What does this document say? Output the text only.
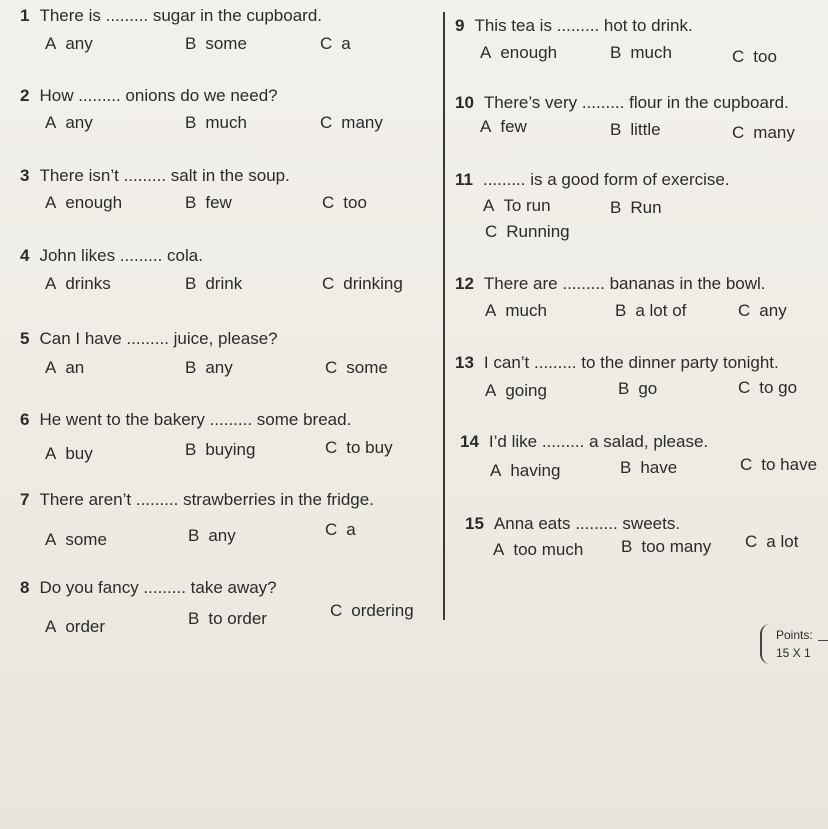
1 There is ......... sugar in the cupboard.
A any	B some	C a
2 How ......... onions do we need?
A any	B much	C many
3 There isn’t ......... salt in the soup.
A enough	B few	C too
4 John likes ......... cola.
A drinks	B drink	C drinking
5 Can I have ......... juice, please?
A an	B any	C some
6 He went to the bakery ......... some bread.
A buy	B buying	C to buy
7 There aren’t ......... strawberries in the fridge.
A some	B any	C a
8 Do you fancy ......... take away?
A order	B to order	C ordering
9 This tea is ......... hot to drink.
A enough	B much	C too
10 There’s very ......... flour in the cupboard.
A few	B little	C many
11 ......... is a good form of exercise.
A To run	B Run
C Running
12 There are ......... bananas in the bowl.
A much	B a lot of	C any
13 I can’t ......... to the dinner party tonight.
A going	B go	C to go
14 I’d like ......... a salad, please.
A having	B have	C to have
15 Anna eats ......... sweets.
A too much B too many C a lot
Points:
15 X 1
